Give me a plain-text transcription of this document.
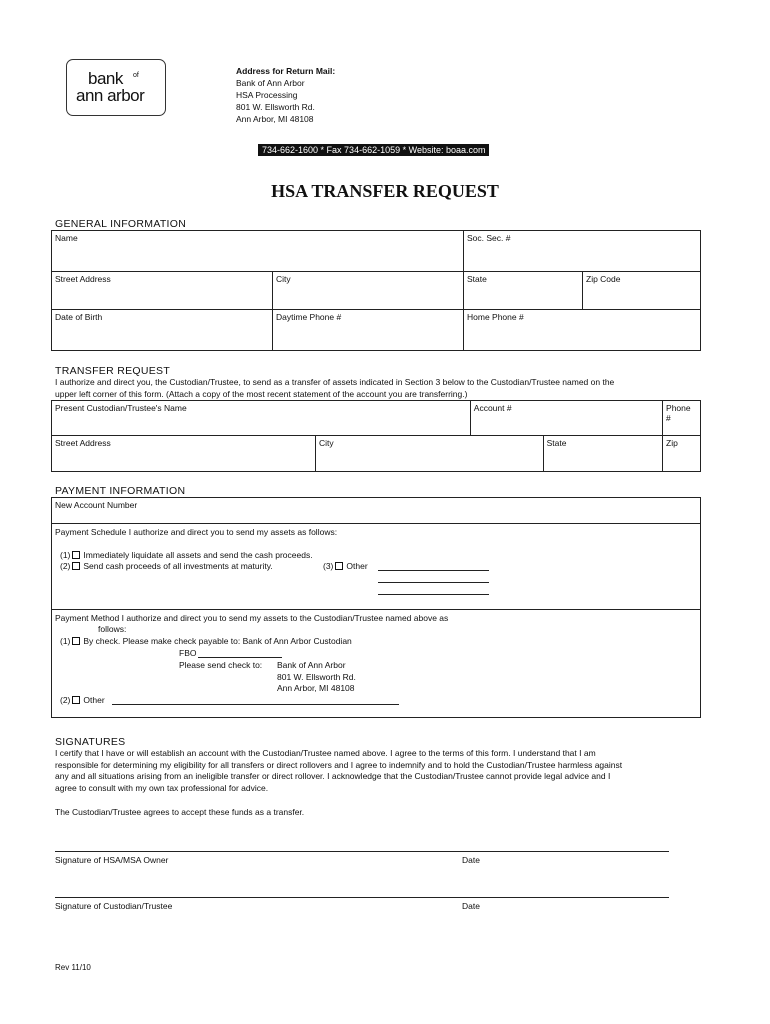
bank of
ann arbor
Address for Return Mail:
Bank of Ann Arbor
HSA Processing
801 W. Ellsworth Rd.
Ann Arbor, MI 48108
734-662-1600 * Fax 734-662-1059 * Website: boaa.com
HSA TRANSFER REQUEST
GENERAL INFORMATION
Name		Soc. Sec. #	
Street Address	City	State	Zip Code
Date of Birth	Daytime Phone #	Home Phone #	
TRANSFER REQUEST
I authorize and direct you, the Custodian/Trustee, to send as a transfer of assets indicated in Section 3 below to the Custodian/Trustee named on the
upper left corner of this form. (Attach a copy of the most recent statement of the account you are transferring.)
Present Custodian/Trustee's Name		Account #		Phone #
Street Address	City		State	Zip
PAYMENT INFORMATION
New Account Number
Payment Schedule I authorize and direct you to send my assets as follows:
(1) Immediately liquidate all assets and send the cash proceeds.
(2) Send cash proceeds of all investments at maturity.	(3) Other
Payment Method I authorize and direct you to send my assets to the Custodian/Trustee named above as
follows:
(1) By check. Please make check payable to: Bank of Ann Arbor Custodian
FBO
Please send check to: Bank of Ann Arbor
801 W. Ellsworth Rd.
Ann Arbor, MI 48108
(2) Other
SIGNATURES
I certify that I have or will establish an account with the Custodian/Trustee named above. I agree to the terms of this form. I understand that I am
responsible for determining my eligibility for all transfers or direct rollovers and I agree to indemnify and to hold the Custodian/Trustee harmless against
any and all situations arising from an ineligible transfer or direct rollover. I acknowledge that the Custodian/Trustee cannot provide legal advice and I
agree to consult with my own tax professional for advice.
The Custodian/Trustee agrees to accept these funds as a transfer.
Signature of HSA/MSA Owner	Date
Signature of Custodian/Trustee	Date
Rev 11/10
